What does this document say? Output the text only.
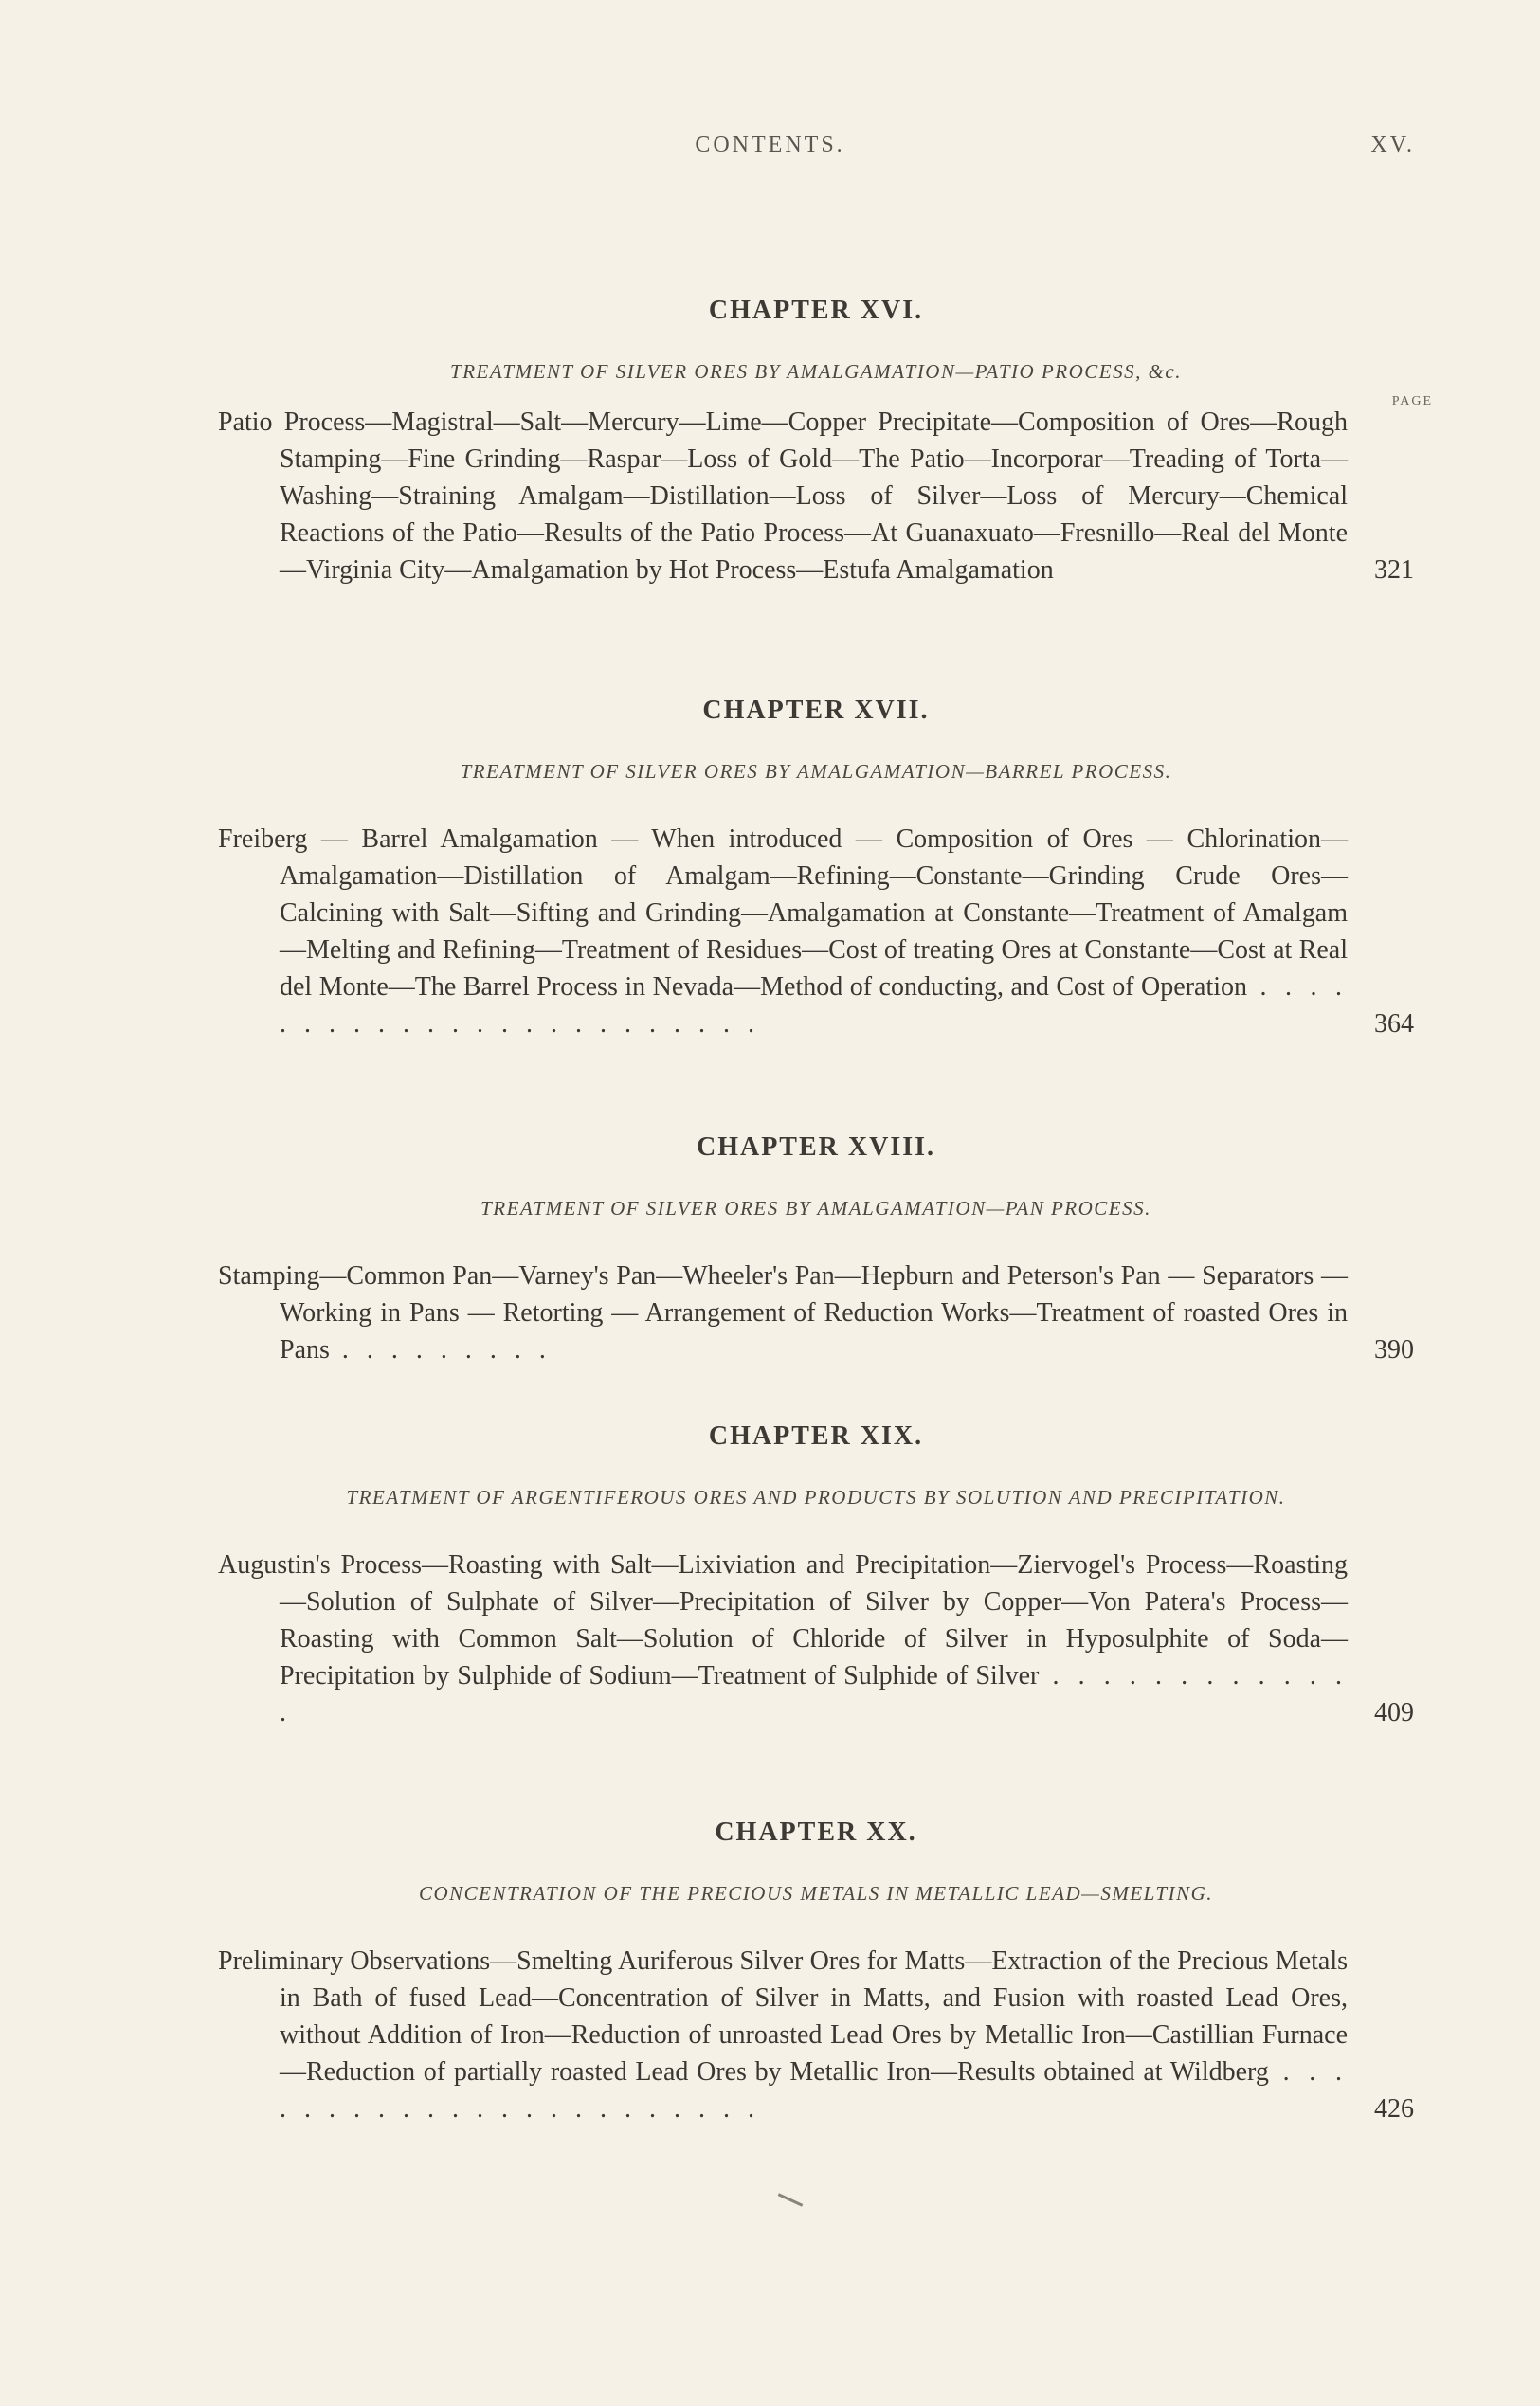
CONTENTS.	XV.
CHAPTER XVI.
TREATMENT OF SILVER ORES BY AMALGAMATION—PATIO PROCESS, &c.
PAGE

Patio Process—Magistral—Salt—Mercury—Lime—Copper Precipitate—Composition of Ores—Rough Stamping—Fine Grinding—Raspar—Loss of Gold—The Patio—Incorporar—Treading of Torta—Washing—Straining Amalgam—Distillation—Loss of Silver—Loss of Mercury—Chemical Reactions of the Patio—Results of the Patio Process—At Guanaxuato—Fresnillo—Real del Monte—Virginia City—Amalgamation by Hot Process—Estufa Amalgamation	321

CHAPTER XVII.
TREATMENT OF SILVER ORES BY AMALGAMATION—BARREL PROCESS.

Freiberg — Barrel Amalgamation — When introduced — Composition of Ores — Chlorination—Amalgamation—Distillation of Amalgam—Refining—Constante—Grinding Crude Ores—Calcining with Salt—Sifting and Grinding—Amalgamation at Constante—Treatment of Amalgam—Melting and Refining—Treatment of Residues—Cost of treating Ores at Constante—Cost at Real del Monte—The Barrel Process in Nevada—Method of conducting, and Cost of Operation . . . . . . . . . . . . . . . . . . . . . . . .	364

CHAPTER XVIII.
TREATMENT OF SILVER ORES BY AMALGAMATION—PAN PROCESS.

Stamping—Common Pan—Varney's Pan—Wheeler's Pan—Hepburn and Peterson's Pan — Separators — Working in Pans — Retorting — Arrangement of Reduction Works—Treatment of roasted Ores in Pans . . . . . . . . .	390

CHAPTER XIX.
TREATMENT OF ARGENTIFEROUS ORES AND PRODUCTS BY SOLUTION AND PRECIPITATION.

Augustin's Process—Roasting with Salt—Lixiviation and Precipitation—Ziervogel's Process—Roasting—Solution of Sulphate of Silver—Precipitation of Silver by Copper—Von Patera's Process—Roasting with Common Salt—Solution of Chloride of Silver in Hyposulphite of Soda—Precipitation by Sulphide of Sodium—Treatment of Sulphide of Silver . . . . . . . . . . . . .	409

CHAPTER XX.
CONCENTRATION OF THE PRECIOUS METALS IN METALLIC LEAD—SMELTING.

Preliminary Observations—Smelting Auriferous Silver Ores for Matts—Extraction of the Precious Metals in Bath of fused Lead—Concentration of Silver in Matts, and Fusion with roasted Lead Ores, without Addition of Iron—Reduction of unroasted Lead Ores by Metallic Iron—Castillian Furnace—Reduction of partially roasted Lead Ores by Metallic Iron—Results obtained at Wildberg . . . . . . . . . . . . . . . . . . . . . . .	426
